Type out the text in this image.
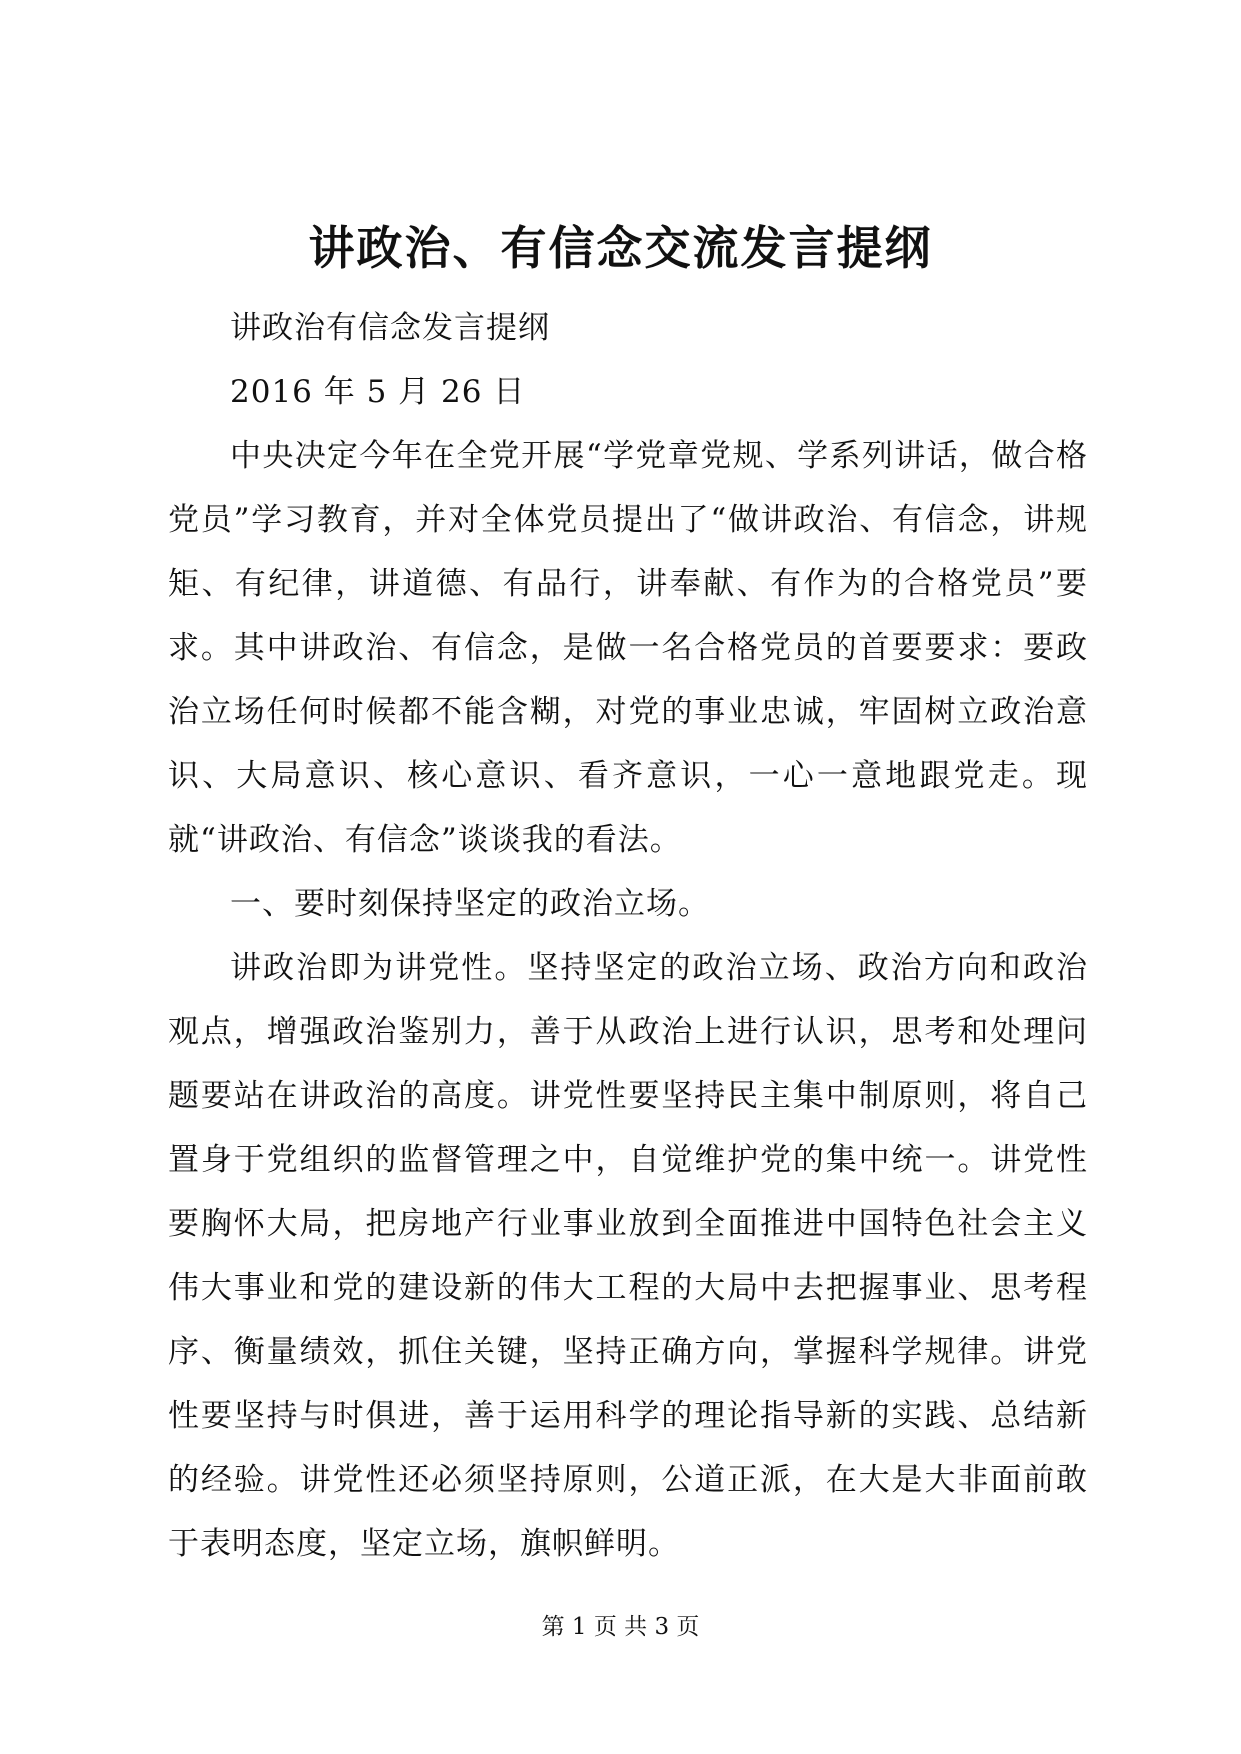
讲政治、有信念交流发言提纲

讲政治有信念发言提纲

2016 年 5 月 26 日

中央决定今年在全党开展“学党章党规、学系列讲话，做合格党员”学习教育，并对全体党员提出了“做讲政治、有信念，讲规矩、有纪律，讲道德、有品行，讲奉献、有作为的合格党员”要求。其中讲政治、有信念，是做一名合格党员的首要要求：要政治立场任何时候都不能含糊，对党的事业忠诚，牢固树立政治意识、大局意识、核心意识、看齐意识，一心一意地跟党走。现就“讲政治、有信念”谈谈我的看法。

一、要时刻保持坚定的政治立场。

讲政治即为讲党性。坚持坚定的政治立场、政治方向和政治观点，增强政治鉴别力，善于从政治上进行认识，思考和处理问题要站在讲政治的高度。讲党性要坚持民主集中制原则，将自己置身于党组织的监督管理之中，自觉维护党的集中统一。讲党性要胸怀大局，把房地产行业事业放到全面推进中国特色社会主义伟大事业和党的建设新的伟大工程的大局中去把握事业、思考程序、衡量绩效，抓住关键，坚持正确方向，掌握科学规律。讲党性要坚持与时俱进，善于运用科学的理论指导新的实践、总结新的经验。讲党性还必须坚持原则，公道正派，在大是大非面前敢于表明态度，坚定立场，旗帜鲜明。

第 1 页 共 3 页
